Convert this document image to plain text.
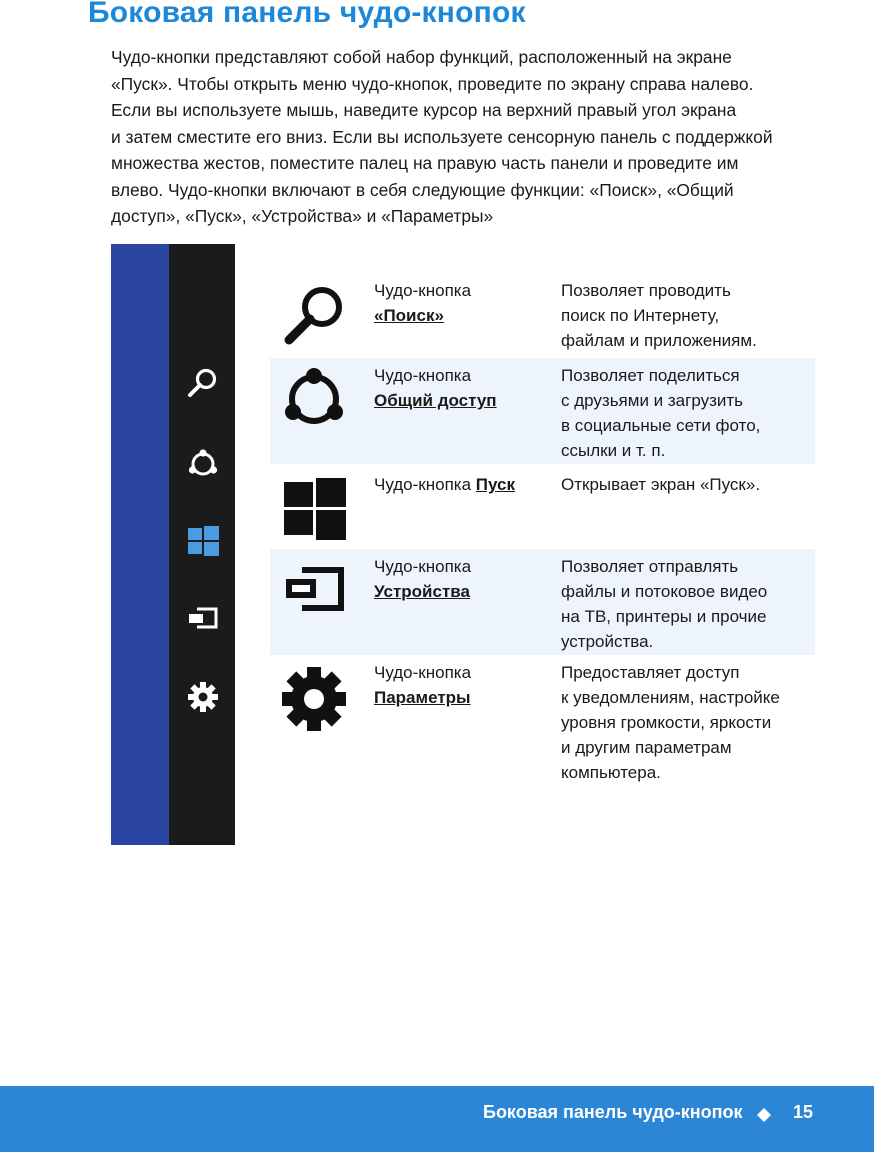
Боковая панель чудо-кнопок
Чудо-кнопки представляют собой набор функций, расположенный на экране
«Пуск». Чтобы открыть меню чудо-кнопок, проведите по экрану справа налево.
Если вы используете мышь, наведите курсор на верхний правый угол экрана
и затем сместите его вниз. Если вы используете сенсорную панель с поддержкой
множества жестов, поместите палец на правую часть панели и проведите им
влево. Чудо-кнопки включают в себя следующие функции: «Поиск», «Общий
доступ», «Пуск», «Устройства» и «Параметры»
Чудо-кнопка
«Поиск»
Позволяет проводить
поиск по Интернету,
файлам и приложениям.
Чудо-кнопка
Общий доступ
Позволяет поделиться
с друзьями и загрузить
в социальные сети фото,
ссылки и т. п.
Чудо-кнопка Пуск	Открывает экран «Пуск».
Чудо-кнопка
Устройства
Позволяет отправлять
файлы и потоковое видео
на ТВ, принтеры и прочие
устройства.
Чудо-кнопка
Параметры
Предоставляет доступ
к уведомлениям, настройке
уровня громкости, яркости
и другим параметрам
компьютера.
Боковая панель чудо-кнопок	15
